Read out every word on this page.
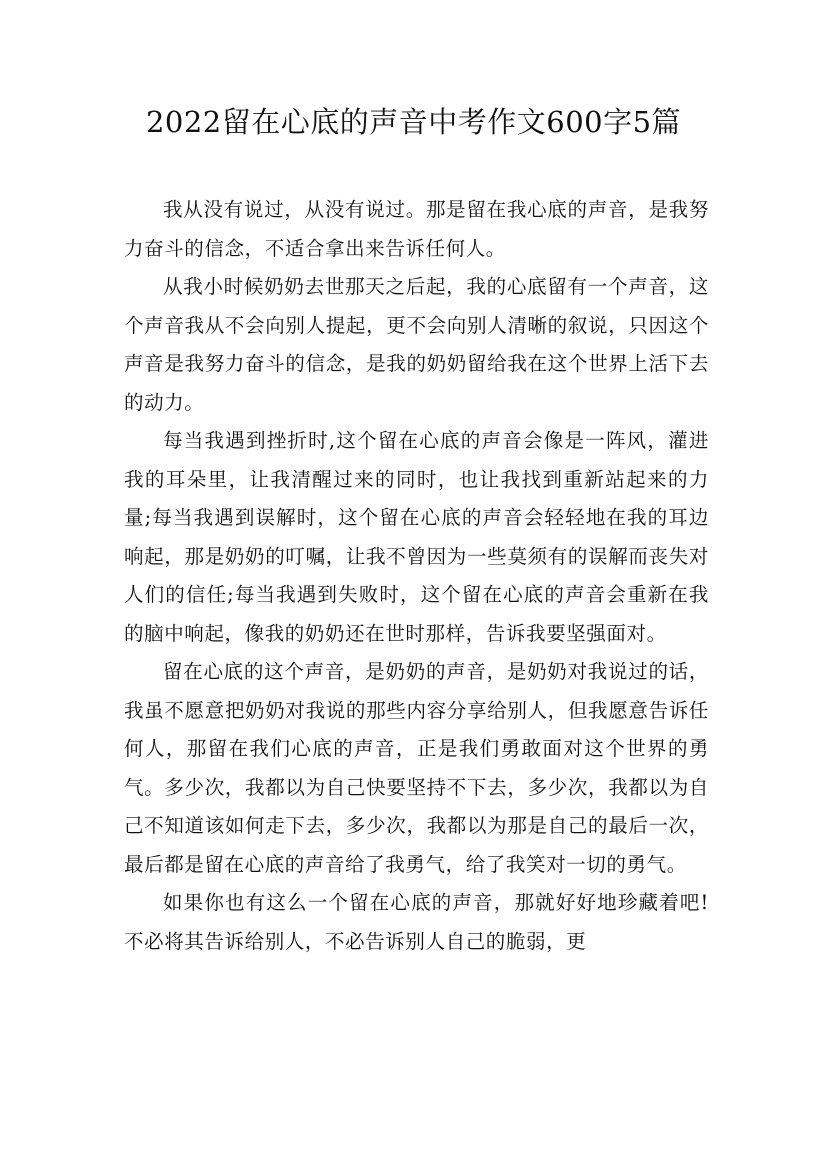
2022留在心底的声音中考作文600字5篇

我从没有说过，从没有说过。那是留在我心底的声音，是我努力奋斗的信念，不适合拿出来告诉任何人。

从我小时候奶奶去世那天之后起，我的心底留有一个声音，这个声音我从不会向别人提起，更不会向别人清晰的叙说，只因这个声音是我努力奋斗的信念，是我的奶奶留给我在这个世界上活下去的动力。

每当我遇到挫折时,这个留在心底的声音会像是一阵风，灌进我的耳朵里，让我清醒过来的同时，也让我找到重新站起来的力量;每当我遇到误解时，这个留在心底的声音会轻轻地在我的耳边响起，那是奶奶的叮嘱，让我不曾因为一些莫须有的误解而丧失对人们的信任;每当我遇到失败时，这个留在心底的声音会重新在我的脑中响起，像我的奶奶还在世时那样，告诉我要坚强面对。

留在心底的这个声音，是奶奶的声音，是奶奶对我说过的话，我虽不愿意把奶奶对我说的那些内容分享给别人，但我愿意告诉任何人，那留在我们心底的声音，正是我们勇敢面对这个世界的勇气。多少次，我都以为自己快要坚持不下去，多少次，我都以为自己不知道该如何走下去，多少次，我都以为那是自己的最后一次，最后都是留在心底的声音给了我勇气，给了我笑对一切的勇气。

如果你也有这么一个留在心底的声音，那就好好地珍藏着吧!不必将其告诉给别人，不必告诉别人自己的脆弱，更
